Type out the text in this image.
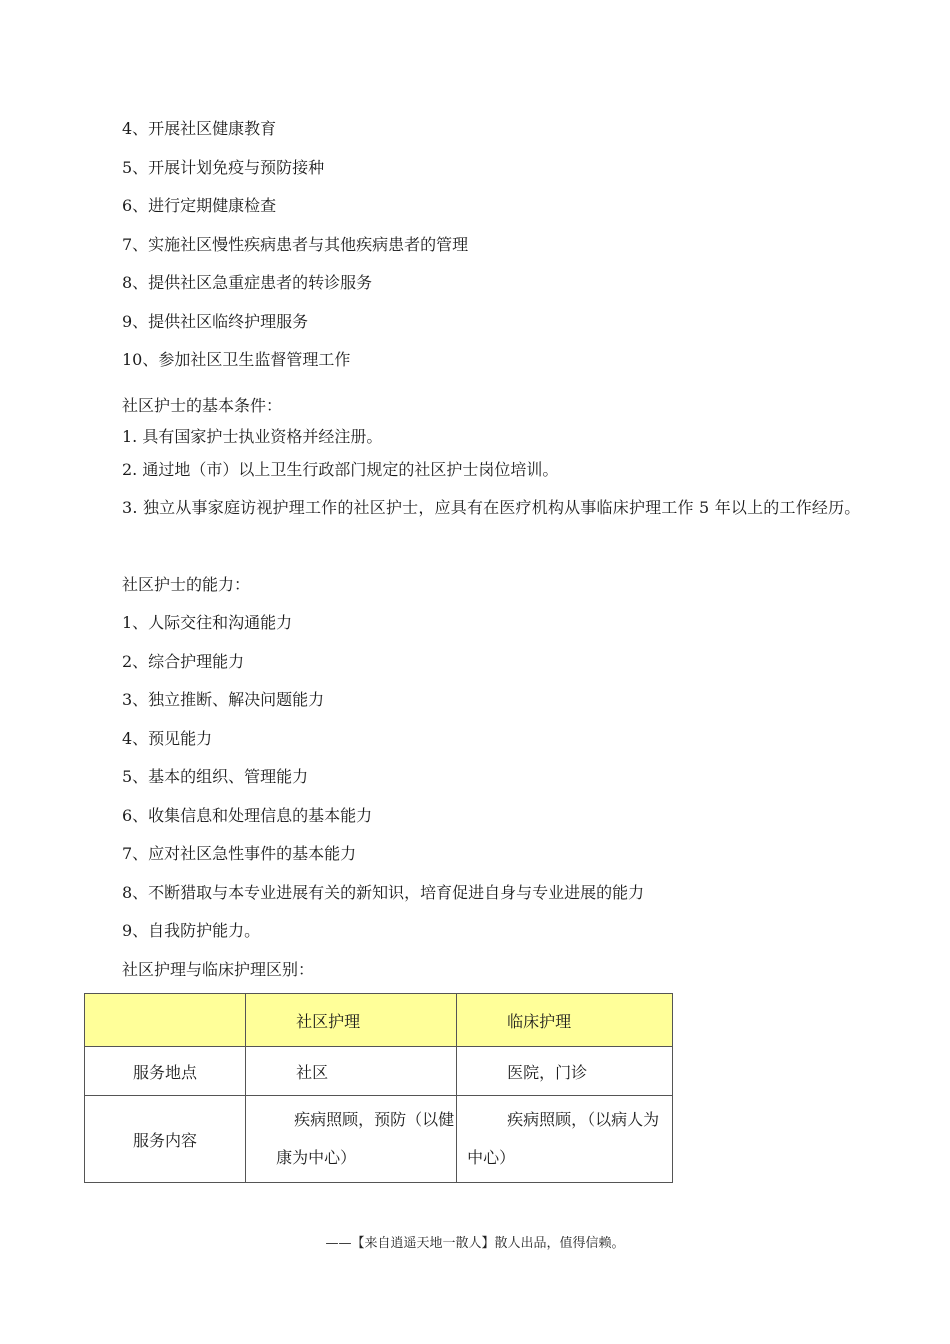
4、开展社区健康教育
5、开展计划免疫与预防接种
6、进行定期健康检查
7、实施社区慢性疾病患者与其他疾病患者的管理
8、提供社区急重症患者的转诊服务
9、提供社区临终护理服务
10、参加社区卫生监督管理工作
社区护士的基本条件：
1. 具有国家护士执业资格并经注册。
2. 通过地（市）以上卫生行政部门规定的社区护士岗位培训。
3. 独立从事家庭访视护理工作的社区护士，应具有在医疗机构从事临床护理工作 5 年以上的工作经历。
社区护士的能力：
1、人际交往和沟通能力
2、综合护理能力
3、独立推断、解决问题能力
4、预见能力
5、基本的组织、管理能力
6、收集信息和处理信息的基本能力
7、应对社区急性事件的基本能力
8、不断猎取与本专业进展有关的新知识，培育促进自身与专业进展的能力
9、自我防护能力。
社区护理与临床护理区别：
	社区护理	临床护理
服务地点	社区	医院，门诊
服务内容	疾病照顾，预防（以健康为中心）	疾病照顾，（以病人为中心）
——【来自逍遥天地一散人】散人出品，值得信赖。
